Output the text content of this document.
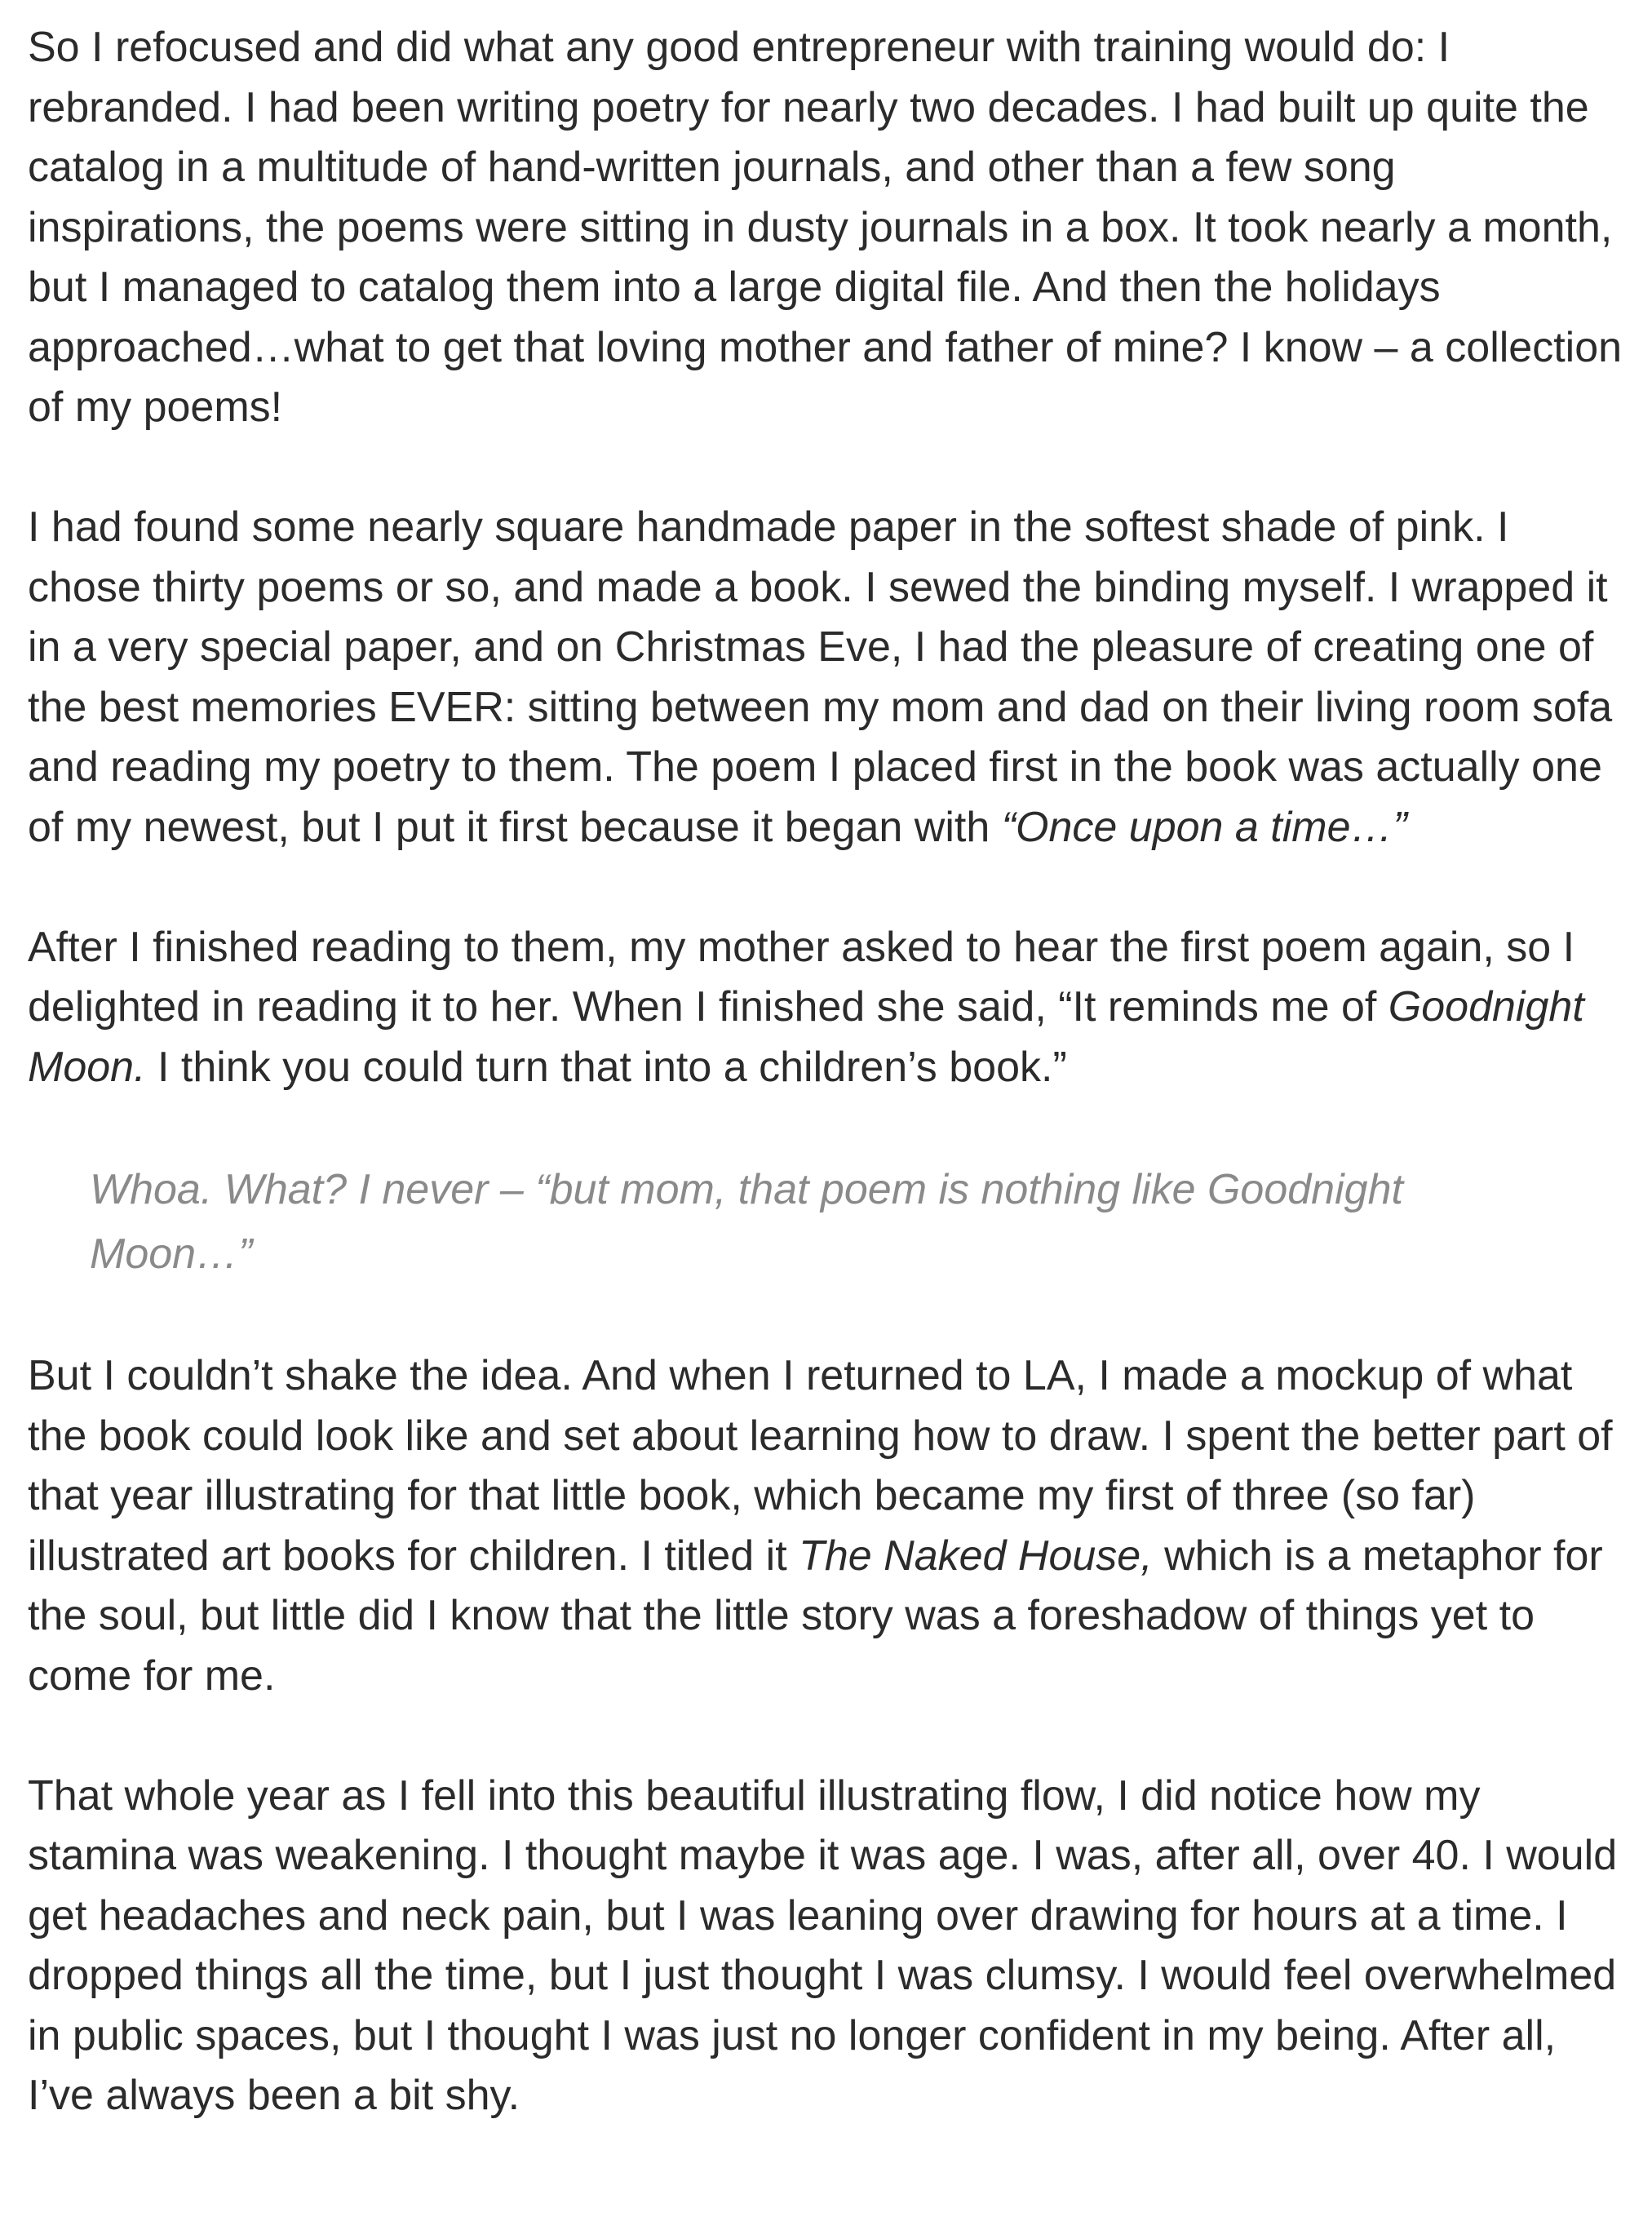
So I refocused and did what any good entrepreneur with training would do: I rebranded. I had been writing poetry for nearly two decades. I had built up quite the catalog in a multitude of hand-written journals, and other than a few song inspirations, the poems were sitting in dusty journals in a box. It took nearly a month, but I managed to catalog them into a large digital file. And then the holidays approached…what to get that loving mother and father of mine? I know – a collection of my poems!

I had found some nearly square handmade paper in the softest shade of pink. I chose thirty poems or so, and made a book. I sewed the binding myself. I wrapped it in a very special paper, and on Christmas Eve, I had the pleasure of creating one of the best memories EVER: sitting between my mom and dad on their living room sofa and reading my poetry to them. The poem I placed first in the book was actually one of my newest, but I put it first because it began with “Once upon a time…”

After I finished reading to them, my mother asked to hear the first poem again, so I delighted in reading it to her. When I finished she said, “It reminds me of Goodnight Moon. I think you could turn that into a children’s book.”

Whoa. What? I never – “but mom, that poem is nothing like Goodnight Moon…”

But I couldn’t shake the idea. And when I returned to LA, I made a mockup of what the book could look like and set about learning how to draw. I spent the better part of that year illustrating for that little book, which became my first of three (so far) illustrated art books for children. I titled it The Naked House, which is a metaphor for the soul, but little did I know that the little story was a foreshadow of things yet to come for me.

That whole year as I fell into this beautiful illustrating flow, I did notice how my stamina was weakening. I thought maybe it was age. I was, after all, over 40. I would get headaches and neck pain, but I was leaning over drawing for hours at a time. I dropped things all the time, but I just thought I was clumsy. I would feel overwhelmed in public spaces, but I thought I was just no longer confident in my being. After all, I’ve always been a bit shy.
